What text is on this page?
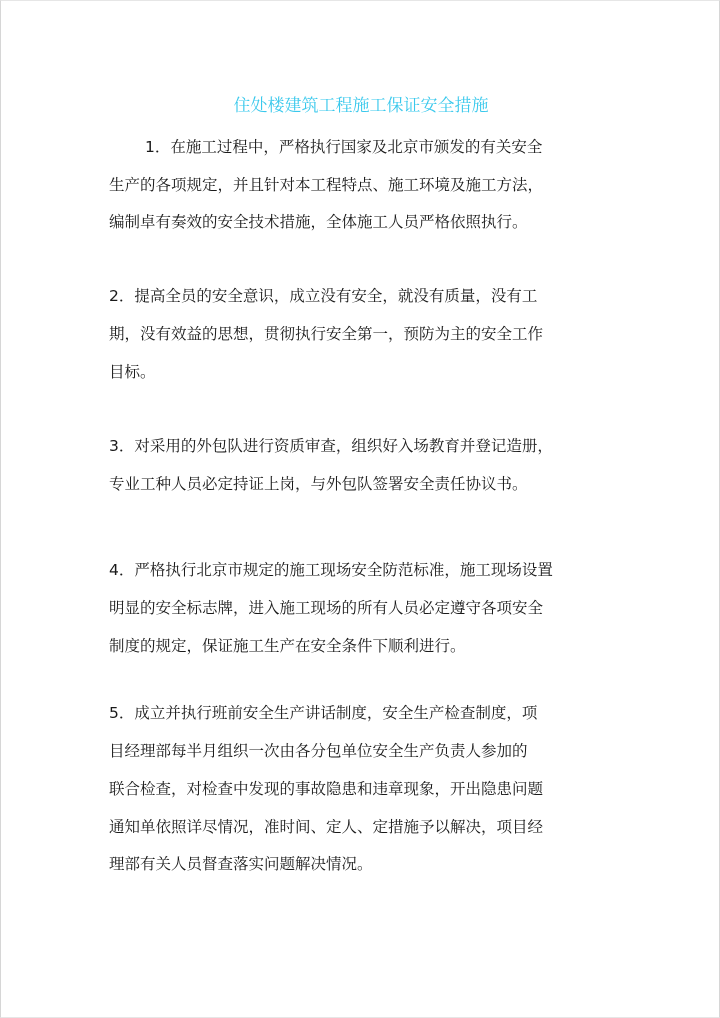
住处楼建筑工程施工保证安全措施
1．在施工过程中，严格执行国家及北京市颁发的有关安全
生产的各项规定，并且针对本工程特点、施工环境及施工方法，
编制卓有奏效的安全技术措施，全体施工人员严格依照执行。
2．提高全员的安全意识，成立没有安全，就没有质量，没有工
期，没有效益的思想，贯彻执行安全第一，预防为主的安全工作
目标。
3．对采用的外包队进行资质审查，组织好入场教育并登记造册，
专业工种人员必定持证上岗，与外包队签署安全责任协议书。
4．严格执行北京市规定的施工现场安全防范标准，施工现场设置
明显的安全标志牌，进入施工现场的所有人员必定遵守各项安全
制度的规定，保证施工生产在安全条件下顺利进行。
5．成立并执行班前安全生产讲话制度，安全生产检查制度，项
目经理部每半月组织一次由各分包单位安全生产负责人参加的
联合检查，对检查中发现的事故隐患和违章现象，开出隐患问题
通知单依照详尽情况，准时间、定人、定措施予以解决，项目经
理部有关人员督查落实问题解决情况。
